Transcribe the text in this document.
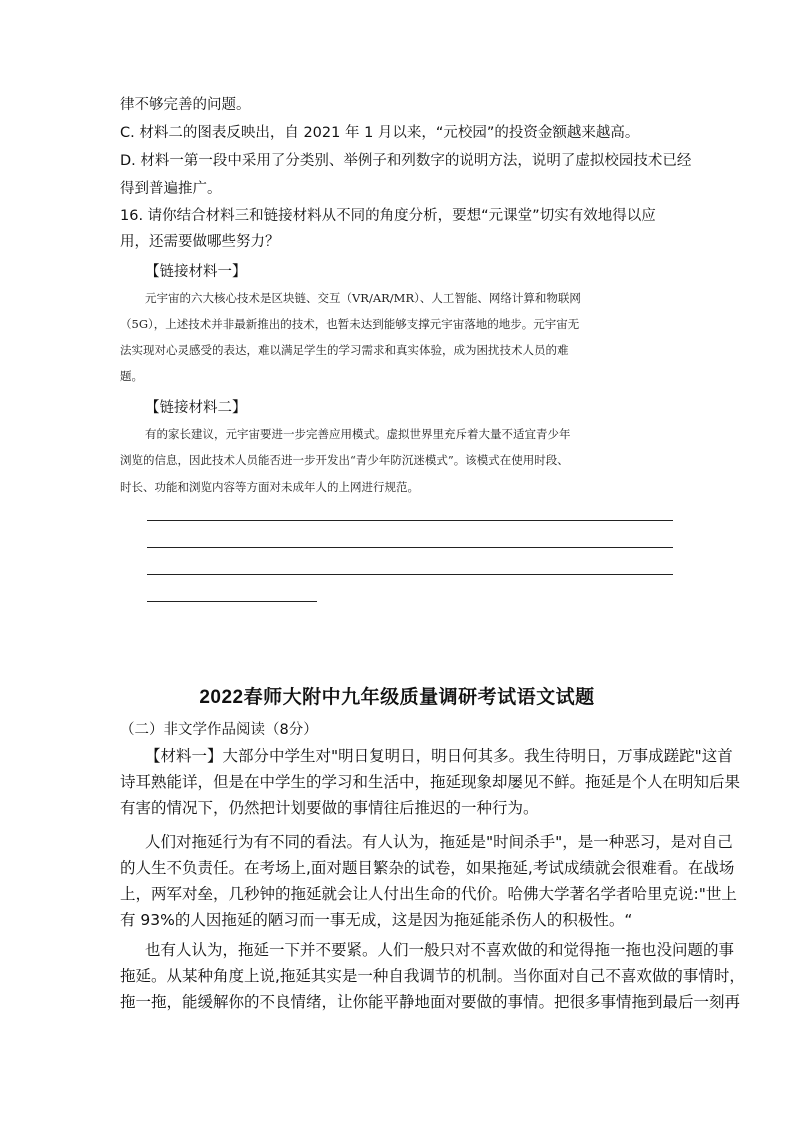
律不够完善的问题。
C. 材料二的图表反映出，自 2021 年 1 月以来，“元校园”的投资金额越来越高。
D. 材料一第一段中采用了分类别、举例子和列数字的说明方法，说明了虚拟校园技术已经
得到普遍推广。
16. 请你结合材料三和链接材料从不同的角度分析，要想“元课堂”切实有效地得以应
用，还需要做哪些努力？
【链接材料一】
元宇宙的六大核心技术是区块链、交互（VR/AR/MR）、人工智能、网络计算和物联网
（5G），上述技术并非最新推出的技术，也暂未达到能够支撑元宇宙落地的地步。元宇宙无
法实现对心灵感受的表达，难以满足学生的学习需求和真实体验，成为困扰技术人员的难
题。
【链接材料二】
有的家长建议，元宇宙要进一步完善应用模式。虚拟世界里充斥着大量不适宜青少年
浏览的信息，因此技术人员能否进一步开发出“青少年防沉迷模式”。该模式在使用时段、
时长、功能和浏览内容等方面对未成年人的上网进行规范。
2022春师大附中九年级质量调研考试语文试题
（二）非文学作品阅读（8分）
【材料一】大部分中学生对"明日复明日，明日何其多。我生待明日，万事成蹉跎"这首
诗耳熟能详，但是在中学生的学习和生活中，拖延现象却屡见不鲜。拖延是个人在明知后果
有害的情况下，仍然把计划要做的事情往后推迟的一种行为。
人们对拖延行为有不同的看法。有人认为，拖延是"时间杀手"，是一种恶习，是对自己
的人生不负责任。在考场上,面对题目繁杂的试卷，如果拖延,考试成绩就会很难看。在战场
上，两军对垒，几秒钟的拖延就会让人付出生命的代价。哈佛大学著名学者哈里克说:"世上
有 93%的人因拖延的陋习而一事无成，这是因为拖延能杀伤人的积极性。“
也有人认为，拖延一下并不要紧。人们一般只对不喜欢做的和觉得拖一拖也没问题的事
拖延。从某种角度上说,拖延其实是一种自我调节的机制。当你面对自己不喜欢做的事情时，
拖一拖，能缓解你的不良情绪，让你能平静地面对要做的事情。把很多事情拖到最后一刻再
